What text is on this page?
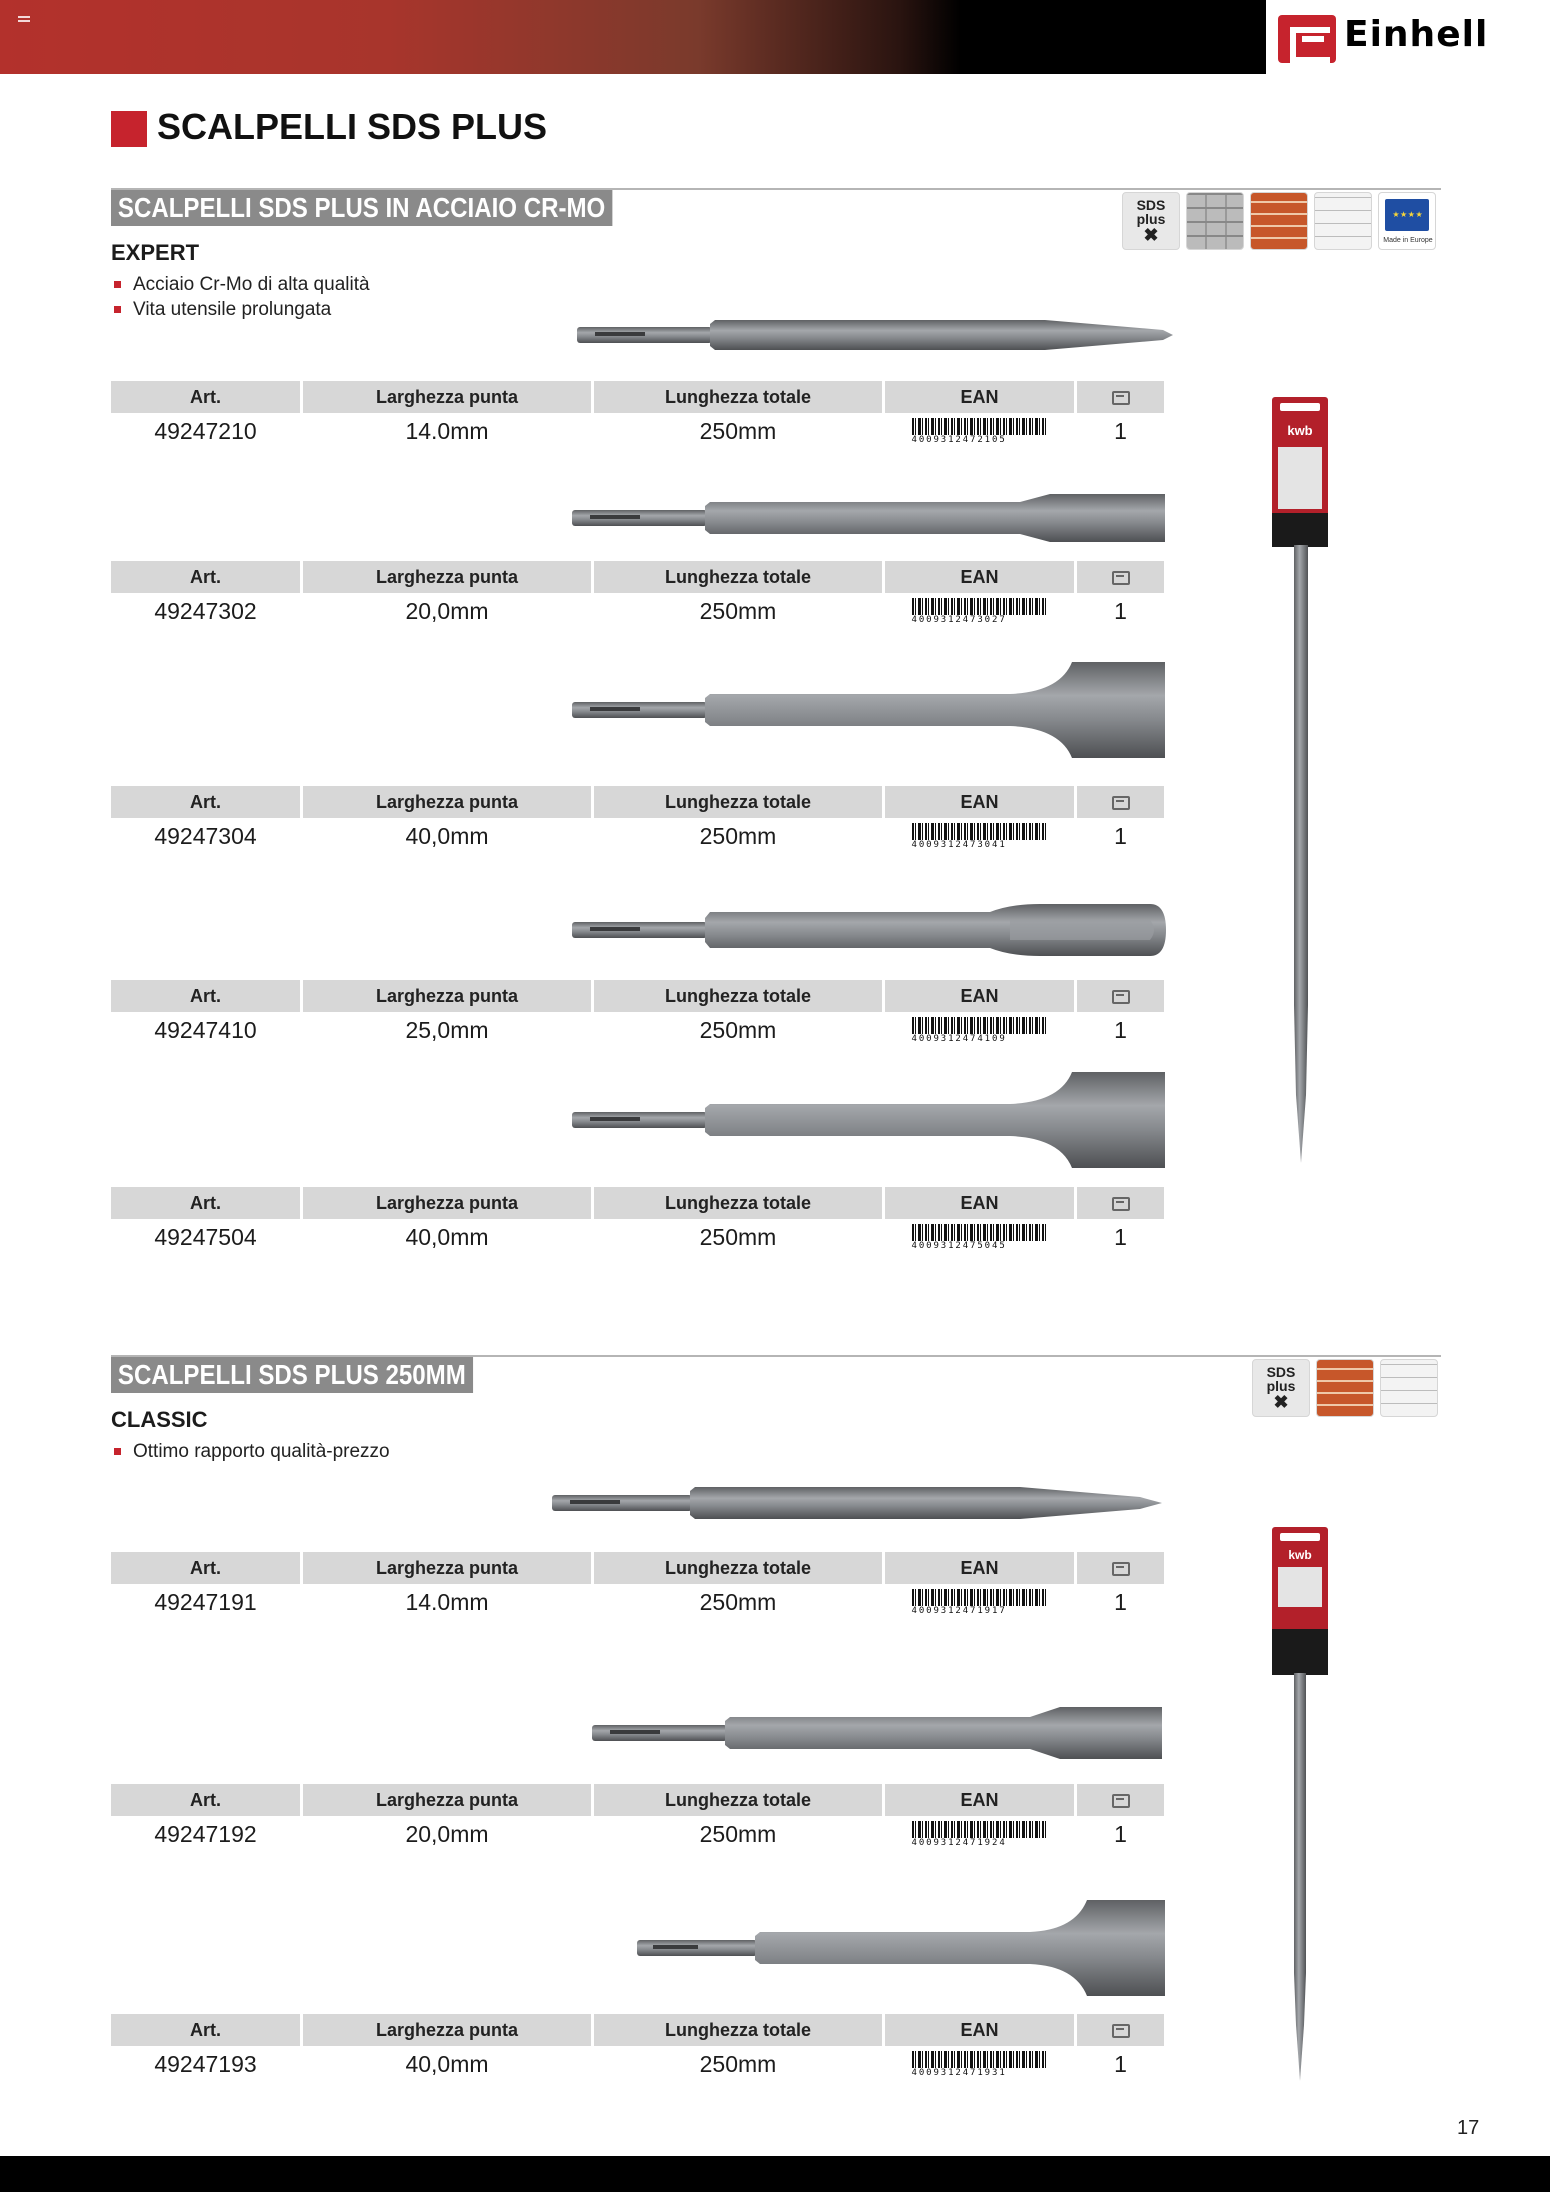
Einhell
SCALPELLI SDS PLUS
SCALPELLI SDS PLUS IN ACCIAIO CR-MO
EXPERT
Acciaio Cr-Mo di alta qualità
Vita utensile prolungata
SDS
plus
✖
★ ★ ★ ★
Made in Europe
SCALPELLI SDS PLUS 250MM
CLASSIC
Ottimo rapporto qualità-prezzo
SDS
plus
✖
kwb
kwb
Art.	Larghezza punta	Lunghezza totale	EAN
49247210	14.0mm	250mm	4009312472105	1
Art.	Larghezza punta	Lunghezza totale	EAN
49247302	20,0mm	250mm	4009312473027	1
Art.	Larghezza punta	Lunghezza totale	EAN
49247304	40,0mm	250mm	4009312473041	1
Art.	Larghezza punta	Lunghezza totale	EAN
49247410	25,0mm	250mm	4009312474109	1
Art.	Larghezza punta	Lunghezza totale	EAN
49247504	40,0mm	250mm	4009312475045	1
Art.	Larghezza punta	Lunghezza totale	EAN
49247191	14.0mm	250mm	4009312471917	1
Art.	Larghezza punta	Lunghezza totale	EAN
49247192	20,0mm	250mm	4009312471924	1
Art.	Larghezza punta	Lunghezza totale	EAN
49247193	40,0mm	250mm	4009312471931	1
17
